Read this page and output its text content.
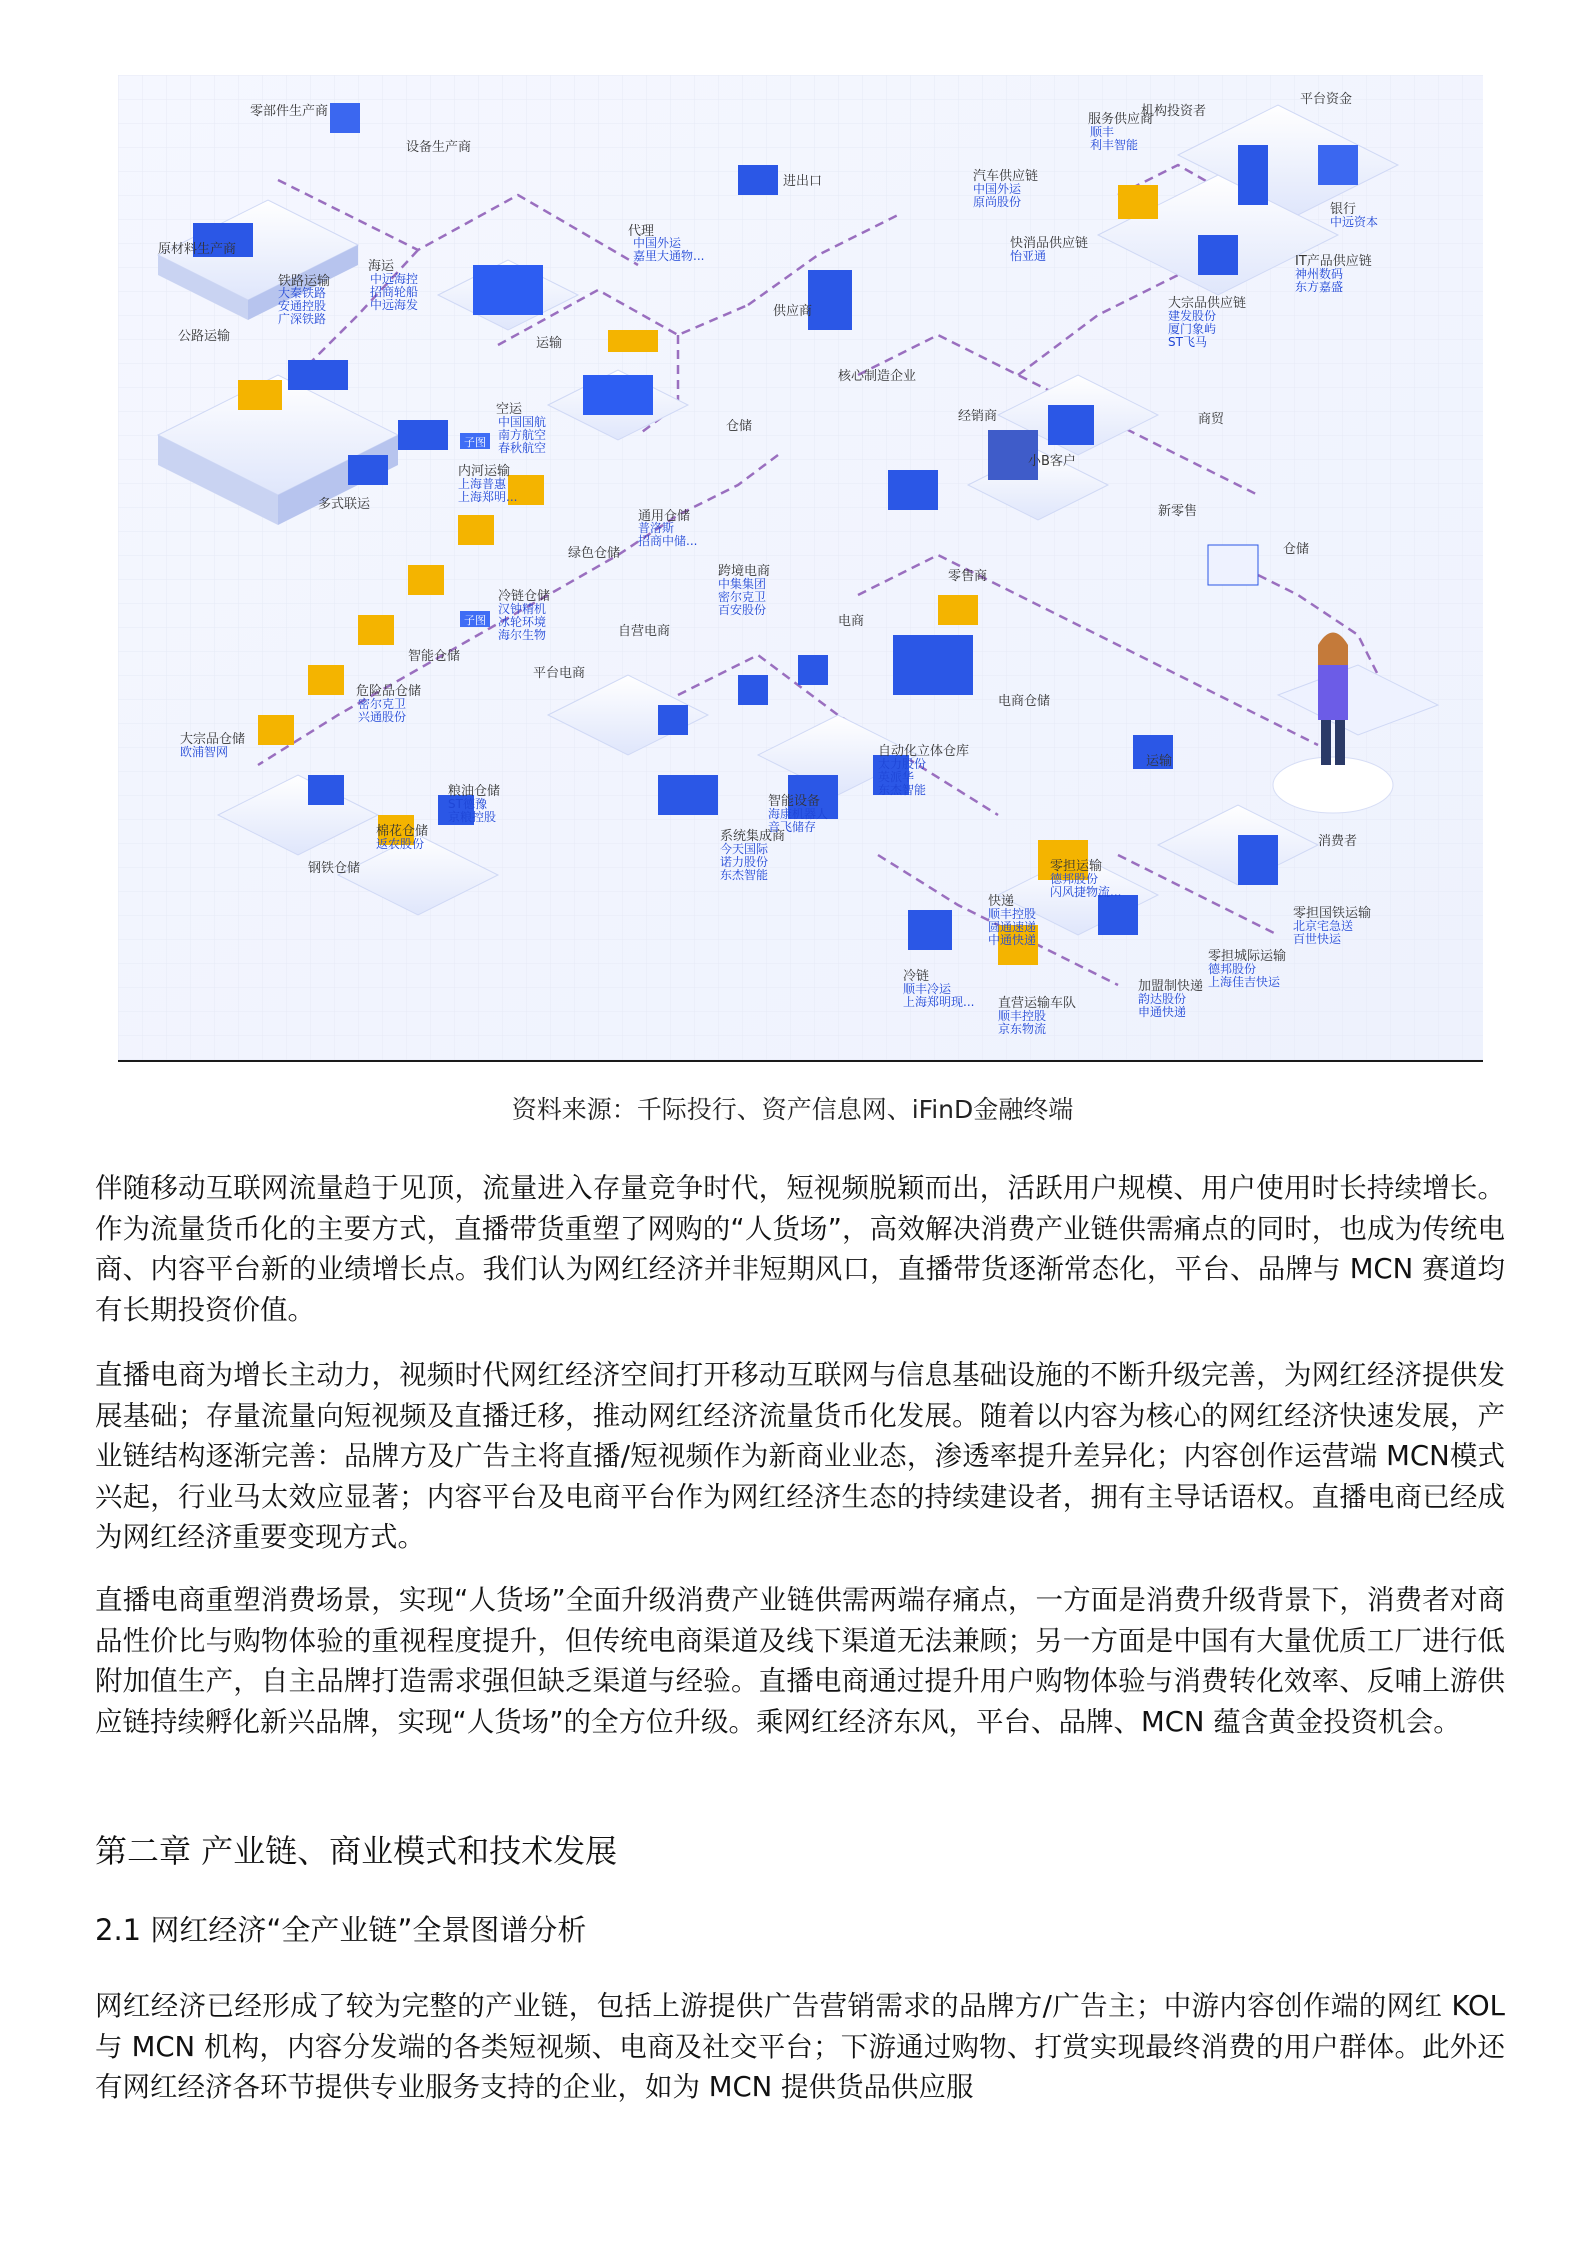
子图
子图
零部件生产商
设备生产商
原材料生产商
公路运输
铁路运输
海运
运输
代理
进出口
空运
多式联运
仓储
通用仓储
绿色仓储
冷链仓储
智能仓储
危险品仓储
大宗品仓储
棉花仓储
粮油仓储
钢铁仓储
自营电商
平台电商
跨境电商
供应商
核心制造企业
经销商
小B客户
商贸
新零售
仓储
零售商
电商
电商仓储
自动化立体仓库
智能设备
系统集成商
运输
消费者
机构投资者
平台资金
服务供应商
汽车供应链
快消品供应链
IT产品供应链
大宗品供应链
银行
零担运输
快递
冷链
直营运输车队
零担城际运输
零担国铁运输
加盟制快递
内河运输
大秦铁路安通控股广深铁路
中远海控招商轮船中远海发
中国外运嘉里大通物...
中国国航南方航空春秋航空
普洛斯招商中储...
汉钟精机冰轮环境海尔生物
密尔克卫兴通股份
欧浦智网
返农股份
ST德豫京粮控股
中集集团密尔克卫百安股份
太力股份英派华东杰智能
海康机器人音飞储存
今天国际诺力股份东杰智能
顺丰利丰智能
中国外运原尚股份
怡亚通
神州数码东方嘉盛
建发股份厦门象屿 ST飞马
中远资本
德邦股份闪风捷物流...
顺丰控股圆通速递中通快递
顺丰冷运上海郑明现...
顺丰控股京东物流
德邦股份上海佳吉快运
北京宅急送百世快运
韵达股份申通快递
上海普惠上海郑明...
资料来源：千际投行、资产信息网、iFinD金融终端

伴随移动互联网流量趋于见顶，流量进入存量竞争时代，短视频脱颖而出，活跃用户规模、用户使用时长持续增长。作为流量货币化的主要方式，直播带货重塑了网购的“人货场”，高效解决消费产业链供需痛点的同时，也成为传统电商、内容平台新的业绩增长点。我们认为网红经济并非短期风口，直播带货逐渐常态化，平台、品牌与 MCN 赛道均有长期投资价值。

直播电商为增长主动力，视频时代网红经济空间打开移动互联网与信息基础设施的不断升级完善，为网红经济提供发展基础；存量流量向短视频及直播迁移，推动网红经济流量货币化发展。随着以内容为核心的网红经济快速发展，产业链结构逐渐完善：品牌方及广告主将直播/短视频作为新商业业态，渗透率提升差异化；内容创作运营端 MCN模式兴起，行业马太效应显著；内容平台及电商平台作为网红经济生态的持续建设者，拥有主导话语权。直播电商已经成为网红经济重要变现方式。

直播电商重塑消费场景，实现“人货场”全面升级消费产业链供需两端存痛点，一方面是消费升级背景下，消费者对商品性价比与购物体验的重视程度提升，但传统电商渠道及线下渠道无法兼顾；另一方面是中国有大量优质工厂进行低附加值生产，自主品牌打造需求强但缺乏渠道与经验。直播电商通过提升用户购物体验与消费转化效率、反哺上游供应链持续孵化新兴品牌，实现“人货场”的全方位升级。乘网红经济东风，平台、品牌、MCN 蕴含黄金投资机会。

第二章 产业链、商业模式和技术发展
2.1 网红经济“全产业链”全景图谱分析

网红经济已经形成了较为完整的产业链，包括上游提供广告营销需求的品牌方/广告主；中游内容创作端的网红 KOL 与 MCN 机构，内容分发端的各类短视频、电商及社交平台；下游通过购物、打赏实现最终消费的用户群体。此外还有网红经济各环节提供专业服务支持的企业，如为 MCN 提供货品供应服
